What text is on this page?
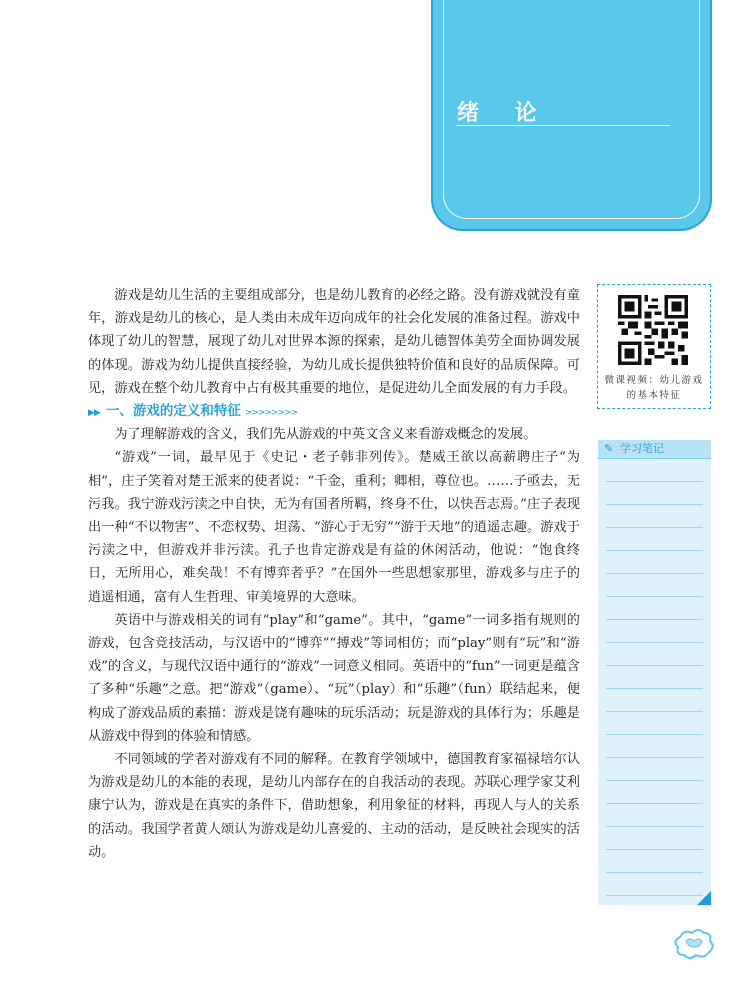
绪 论

游戏是幼儿生活的主要组成部分，也是幼儿教育的必经之路。没有游戏就没有童年，游戏是幼儿的核心，是人类由未成年迈向成年的社会化发展的准备过程。游戏中体现了幼儿的智慧，展现了幼儿对世界本源的探索，是幼儿德智体美劳全面协调发展的体现。游戏为幼儿提供直接经验，为幼儿成长提供独特价值和良好的品质保障。可见，游戏在整个幼儿教育中占有极其重要的地位，是促进幼儿全面发展的有力手段。

▶▶ 一、游戏的定义和特征 >>>>>>>>

为了理解游戏的含义，我们先从游戏的中英文含义来看游戏概念的发展。

“游戏”一词，最早见于《史记・老子韩非列传》。楚威王欲以高薪聘庄子“为相”，庄子笑着对楚王派来的使者说：“千金，重利；卿相，尊位也。……子亟去，无污我。我宁游戏污渎之中自快，无为有国者所羁，终身不仕，以快吾志焉。”庄子表现出一种“不以物害”、不恋权势、坦荡、“游心于无穷”“游于天地”的逍遥志趣。游戏于污渎之中，但游戏并非污渎。孔子也肯定游戏是有益的休闲活动，他说：“饱食终日，无所用心，难矣哉！不有博弈者乎？”在国外一些思想家那里，游戏多与庄子的逍遥相通，富有人生哲理、审美境界的大意味。

英语中与游戏相关的词有“play”和“game”。其中，“game”一词多指有规则的游戏，包含竞技活动，与汉语中的“博弈”“搏戏”等词相仿；而“play”则有“玩”和“游戏”的含义，与现代汉语中通行的“游戏”一词意义相同。英语中的“fun”一词更是蕴含了多种“乐趣”之意。把“游戏”（game）、“玩”（play）和“乐趣”（fun）联结起来，便构成了游戏品质的素描：游戏是饶有趣味的玩乐活动；玩是游戏的具体行为；乐趣是从游戏中得到的体验和情感。

不同领域的学者对游戏有不同的解释。在教育学领域中，德国教育家福禄培尔认为游戏是幼儿的本能的表现，是幼儿内部存在的自我活动的表现。苏联心理学家艾利康宁认为，游戏是在真实的条件下，借助想象，利用象征的材料，再现人与人的关系的活动。我国学者黄人颂认为游戏是幼儿喜爱的、主动的活动，是反映社会现实的活动。

微课视频：幼儿游戏的基本特征
✎ 学习笔记
